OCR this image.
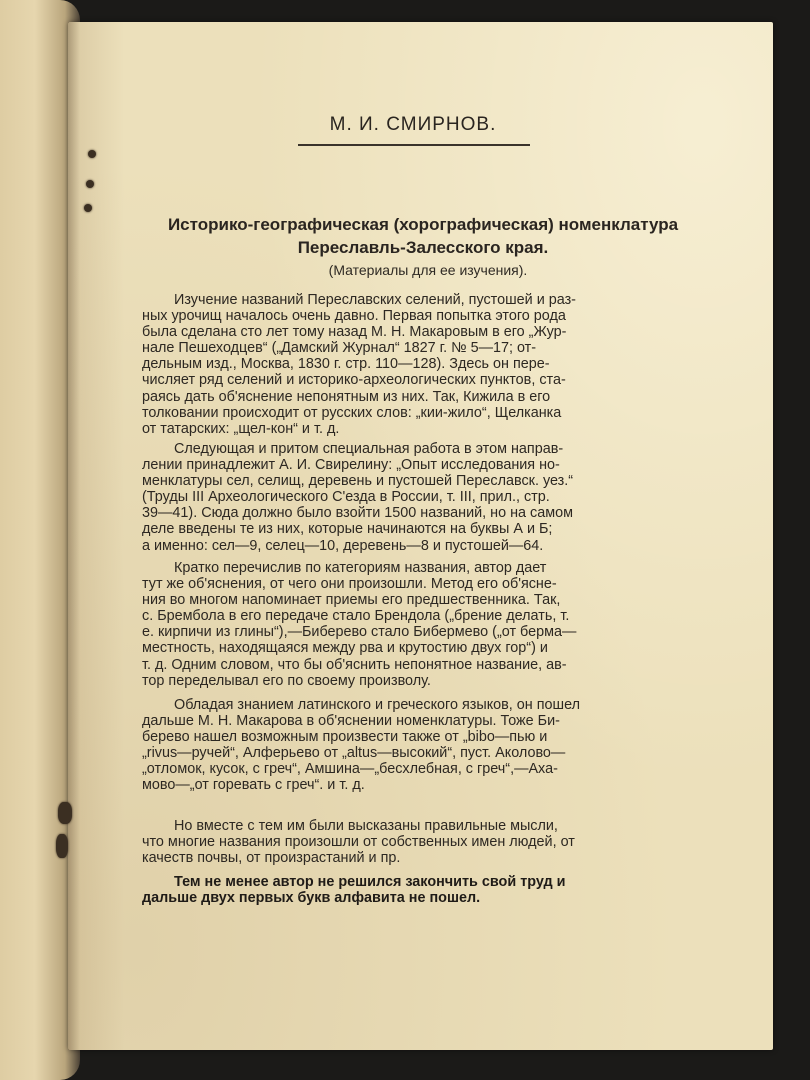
М. И. СМИРНОВ.
Историко-географическая (хорографическая) номенклатура
Переславль-Залесского края.
(Материалы для ее изучения).
Изучение названий Переславских селений, пустошей и раз-
ных урочищ началось очень давно. Первая попытка этого рода
была сделана сто лет тому назад М. Н. Макаровым в его „Жур-
нале Пешеходцев“ („Дамский Журнал“ 1827 г. № 5—17; от-
дельным изд., Москва, 1830 г. стр. 110—128). Здесь он пере-
числяет ряд селений и историко-археологических пунктов, ста-
раясь дать об'яснение непонятным из них. Так, Кижила в его
толковании происходит от русских слов: „кии-жило“, Щелканка
от татарских: „щел-кон“ и т. д.
Следующая и притом специальная работа в этом направ-
лении принадлежит А. И. Свирелину: „Опыт исследования но-
менклатуры сел, селищ, деревень и пустошей Переславск. уез.“
(Труды III Археологического С'езда в России, т. III, прил., стр.
39—41). Сюда должно было взойти 1500 названий, но на самом
деле введены те из них, которые начинаются на буквы А и Б;
а именно: сел—9, селец—10, деревень—8 и пустошей—64.
Кратко перечислив по категориям названия, автор дает
тут же об'яснения, от чего они произошли. Метод его об'ясне-
ния во многом напоминает приемы его предшественника. Так,
с. Брембола в его передаче стало Брендола („брение делать, т.
е. кирпичи из глины“),—Биберево стало Бибермево („от берма—
местность, находящаяся между рва и крутостию двух гор“) и
т. д. Одним словом, что бы об'яснить непонятное название, ав-
тор переделывал его по своему произволу.
Обладая знанием латинского и греческого языков, он пошел
дальше М. Н. Макарова в об'яснении номенклатуры. Тоже Би-
берево нашел возможным произвести также от „bibo—пью и
„rivus—ручей“, Алферьево от „altus—высокий“, пуст. Аколово—
„отломок, кусок, с греч“, Амшина—„бесхлебная, с греч“,—Аха-
мово—„от горевать с греч“. и т. д.
Но вместе с тем им были высказаны правильные мысли,
что многие названия произошли от собственных имен людей, от
качеств почвы, от произрастаний и пр.
Тем не менее автор не решился закончить свой труд и
дальше двух первых букв алфавита не пошел.
